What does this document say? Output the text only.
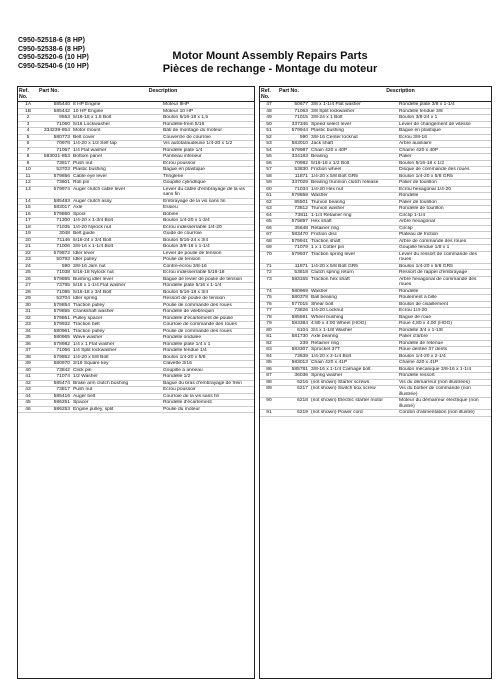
C950-52518-6 (8 HP)
C950-52538-6 (8 HP)
C950-52520-6 (10 HP)
C950-52540-6 (10 HP)
Motor Mount Assembly Repairs Parts
Pièces de rechange - Montage du moteur
Ref. No.	Part No.	Description	
1A	585440	8 HP Engine	Moteur 8HP
1B	585442	10 HP Engine	Moteur 10 HP
2	9553	5/16-18 x 1.5 Bolt	Boulon 5/16-18 x 1,5
3	71060	5/16 Lockwasher	Rondelle-frein 5/16
4	334239-854	Motor mount	Bâti de montage du moteur
5	580773	Belt cover	Couvercle de courroie
6	70978	1/4-20 x 1/2 Self tap	Vis autotaraudeuse 1/4-20 x 1/2
7	71067	1/4 Flat washer	Rondelle plate 1/4
8	583031-853	Bottom panel	Panneau inférieur
9	73817	Push nut	Écrou poussoir
10	53703	Plastic bushing	Bague en plastique
11	579856	Cable eye lever	Tringlerie
12	73601	Roll pin	Goupille cylindrique
13	579974	Auger clutch cable lever	Levier du câble d'embrayage de la vis sans fin
14	585483	Auger clutch assy.	Embrayage de la vis sans fin
15	583017	Axle	Essieu
16	579860	Spool	Bobine
17	71300	1/4-20 x 1-3/4 Bolt	Boulon 1/4-20 x 1-3/4
18	71035	1/4-20 Nylock nut	Écrou indesserrable 1/4-20
19	3048	Belt guide	Guide de courroie
20	71146	5/16-24 x 3/4 Bolt	Boulon 5/16-24 x 3/4
21	71006	3/8-16 x 1-1/4 Bolt	Boulon 3/8-16 x 1-1/4
22	579872	Idler lever	Levier de poulie de tension
23	50793	Idler pulley	Poulie de tension
24	590	3/8-16 Jam nut	Contre-écrou 3/8-16
25	71038	5/16-18 Nylock nut	Écrou indesserrable 5/16-18
26	579865	Bushing idler lever	Bague de levier de poulie de tension
27	73795	5/16 x 1-1/4 Flat washer	Rondelle plate 5/16 x 1-1/4
28	71085	5/16-18 x 3/4 Bolt	Boulon 5/16-18 x 3/4
29	53704	Idler spring	Ressort de poulie de tension
30	579854	Traction pulley	Poulie de commande des roues
31	579855	Crankshaft washer	Rondelle de vilebrequin
32	579861	Pulley spacer	Rondelle d'écartement de poulie
33	579932	Traction belt	Courroie de commande des roues
34	580961	Traction pulley	Poulie de commande des roues
35	580965	Wave washer	Rondelle ondulée
36	578982	1/4 x 1 Flat washer	Rondelle plate 1/4 x 1
37	71056	1/4 Split lockwasher	Rondelle fendue 1/4
38	579852	1/4-20 x 5/8 Bolt	Boulon 1/4-20 x 5/8
39	580970	3/16 Square key	Clavette 3/16
40	73842	Click pin	Goupille à anneau
41	71074	1/2 Washer	Rondelle 1/2
42	585474	Brake arm clutch bushing	Bague du bras d'embrayage de frein
43	73817	Push nut	Écrou poussoir
44	585416	Auger belt	Courroie de la vis sans fin
45	586251	Spacer	Rondelle d'écartement
46	586253	Engine pulley, split	Poulie du moteur
Ref. No.	Part No.	Description	
47	50677	3/8 x 1-1/4 Flat washer	Rondelle plate 3/8 x 1-1/4
48	71063	3/8 Split lockwasher	Rondelle fendue 3/8
49	71015	3/8-24 x 1 Bolt	Boulon 3/8-24 x 1
50	337346	Speed select lever	Levier de changement de vitesse
51	579944	Plastic bushing	Bague en plastique
52	590	3/8-16 Center locknut	Écrou 3/8-16
53	583010	Jack shaft	Arbre auxiliaire
54	579987	Chain 420 x 40P	Chaîne 420 x 40P
55	334183	Bearing	Palier
56	70982	5/16-18 x 1/2 Bolt	Boulon 5/16-18 x 1/2
57	53830	Friction wheel	Disque de commande des roues
58	11871	1/4-20 x 5/8 Bolt GR5	Boulon 1/4-20 x 5/8 GR5
59	337029	Bearing trunnion clutch release	Palier de tourillon
60	71034	1/4-20 Hex nut	Écrou hexagonal 1/4-20
61	579858	Washer	Rondelle
62	85501	Trunion bearing	Palier de tourillon
63	73812	Trunion washer	Rondelle de tourillon
64	73811	1-1/4 Retainer ring	Circlip 1-1/4
65	579897	Hex shaft	Arbre hexagonal
66	35648	Retainer ring	Circlip
67	583470	Friction disc	Plateau de friction
68	579941	Traction shaft	Arbre de commande des roues
69	71079	1 x 1 Cotter pin	Goupille fendue 1/8 x 1
70	579937	Traction spring lever	Levier du ressort de commande des roues
71	11871	1/4-20 x 5/8 Bolt GR5	Boulon 1/4-20 x 5/8 GR5
72	53818	Clutch spring return	Ressort de rappel d'embrayage
73	583155	Traction hex shaft	Arbre hexagonal de commande des roues
74	580969	Washer	Rondelle
75	580378	Ball bearing	Roulement à bille
76	577015	Shear bolt	Boulon de cisaillement
77	73826	1/4-20 Locknut	Écrou 1/4-20
78	585591	Wheel bushing	Bague de roue
79	583384	4:80 x 4:00 Wheel (HOG)	Roue 4,80 x 4,00 (HOG)
80	6104	3/4 x 1-1/8 Washer	Rondelle 3/4 x 1-1/8
81	581730	Axle bearing	Palier d'arbre
82	239	Retainer ring	Rondelle de retenue
83	583307	Sprocket 37T	Roue dentée 37 dents
84	73839	1/4-20 x 2-1/4 Bolt	Boulon 1/4-20 x 2-1/4
85	583013	Chain 420 x 41P	Chaîne 420 x 41P
86	585781	3/8-16 x 1-1/4 Carriage bolt	Boulon mécanique 3/8-16 x 1-1/4
87	36036	Spring washer	Rondelle ressort
88	6216	(not shown) Starter screws	Vis du démarreur (non illustrées)
89	6217	(not shown) Switch box screw	Vis du boîtier de commande (non illustrée)
90	6218	(not shown) Electric starter motor	Moteur du démarreur électrique (non illustré)
91	6219	(not shown) Power cord	Cordon d'alimentation (non illustré)
